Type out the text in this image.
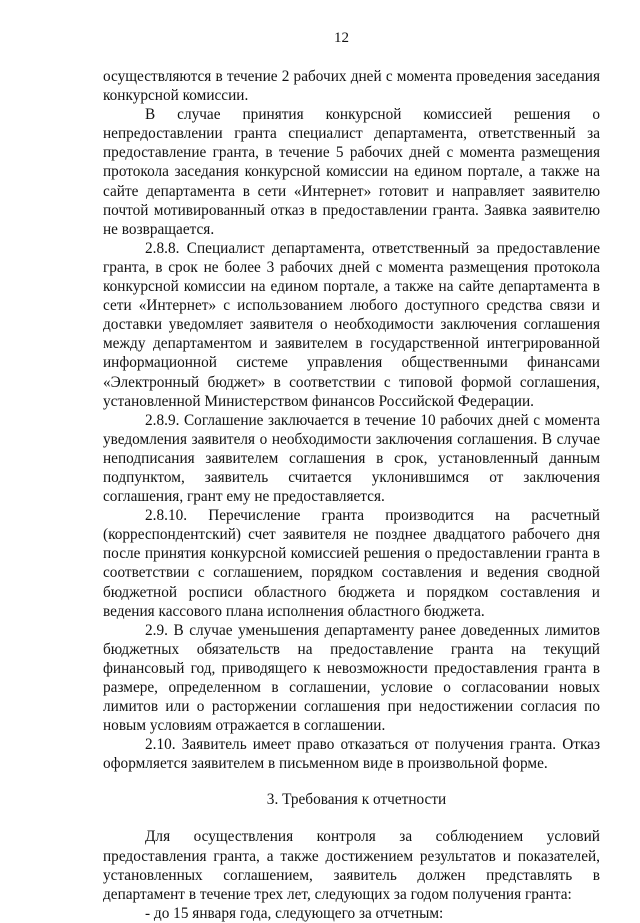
12

осуществляются в течение 2 рабочих дней с момента проведения заседания конкурсной комиссии.

В случае принятия конкурсной комиссией решения о непредоставлении гранта специалист департамента, ответственный за предоставление гранта, в течение 5 рабочих дней с момента размещения протокола заседания конкурсной комиссии на едином портале, а также на сайте департамента в сети «Интернет» готовит и направляет заявителю почтой мотивированный отказ в предоставлении гранта. Заявка заявителю не возвращается.

2.8.8. Специалист департамента, ответственный за предоставление гранта, в срок не более 3 рабочих дней с момента размещения протокола конкурсной комиссии на едином портале, а также на сайте департамента в сети «Интернет» с использованием любого доступного средства связи и доставки уведомляет заявителя о необходимости заключения соглашения между департаментом и заявителем в государственной интегрированной информационной системе управления общественными финансами «Электронный бюджет» в соответствии с типовой формой соглашения, установленной Министерством финансов Российской Федерации.

2.8.9. Соглашение заключается в течение 10 рабочих дней с момента уведомления заявителя о необходимости заключения соглашения. В случае неподписания заявителем соглашения в срок, установленный данным подпунктом, заявитель считается уклонившимся от заключения соглашения, грант ему не предоставляется.

2.8.10. Перечисление гранта производится на расчетный (корреспондентский) счет заявителя не позднее двадцатого рабочего дня после принятия конкурсной комиссией решения о предоставлении гранта в соответствии с соглашением, порядком составления и ведения сводной бюджетной росписи областного бюджета и порядком составления и ведения кассового плана исполнения областного бюджета.

2.9. В случае уменьшения департаменту ранее доведенных лимитов бюджетных обязательств на предоставление гранта на текущий финансовый год, приводящего к невозможности предоставления гранта в размере, определенном в соглашении, условие о согласовании новых лимитов или о расторжении соглашения при недостижении согласия по новым условиям отражается в соглашении.

2.10. Заявитель имеет право отказаться от получения гранта. Отказ оформляется заявителем в письменном виде в произвольной форме.

3. Требования к отчетности

Для осуществления контроля за соблюдением условий предоставления гранта, а также достижением результатов и показателей, установленных соглашением, заявитель должен представлять в департамент в течение трех лет, следующих за годом получения гранта:

- до 15 января года, следующего за отчетным:
